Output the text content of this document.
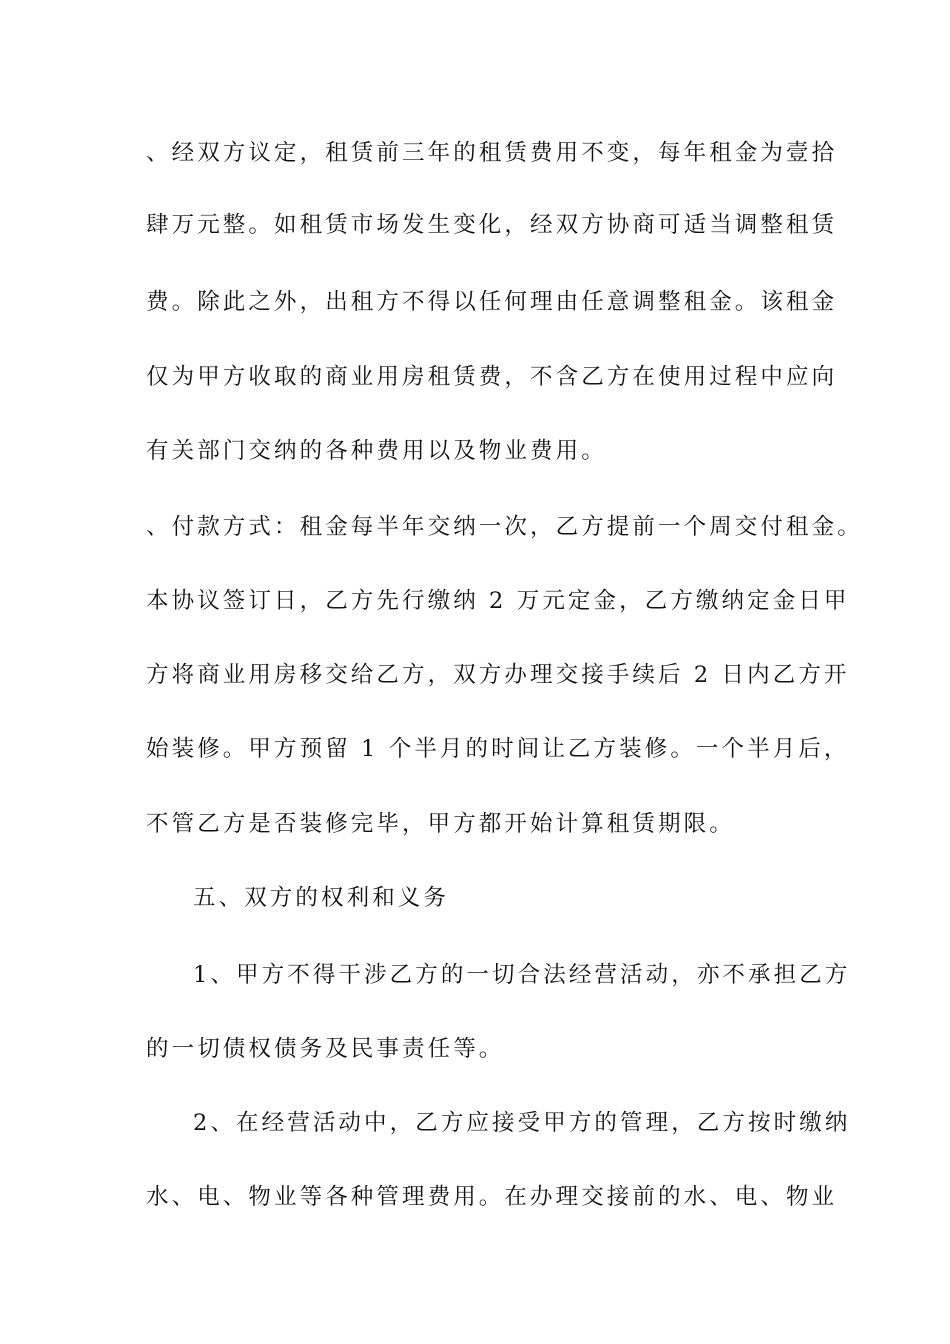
、经双方议定，租赁前三年的租赁费用不变，每年租金为壹拾
肆万元整。如租赁市场发生变化，经双方协商可适当调整租赁
费。除此之外，出租方不得以任何理由任意调整租金。该租金
仅为甲方收取的商业用房租赁费，不含乙方在使用过程中应向
有关部门交纳的各种费用以及物业费用。
、付款方式：租金每半年交纳一次，乙方提前一个周交付租金。
本协议签订日，乙方先行缴纳 2 万元定金，乙方缴纳定金日甲
方将商业用房移交给乙方，双方办理交接手续后 2 日内乙方开
始装修。甲方预留 1 个半月的时间让乙方装修。一个半月后，
不管乙方是否装修完毕，甲方都开始计算租赁期限。
五、双方的权利和义务
1、甲方不得干涉乙方的一切合法经营活动，亦不承担乙方
的一切债权债务及民事责任等。
2、在经营活动中，乙方应接受甲方的管理，乙方按时缴纳
水、电、物业等各种管理费用。在办理交接前的水、电、物业
